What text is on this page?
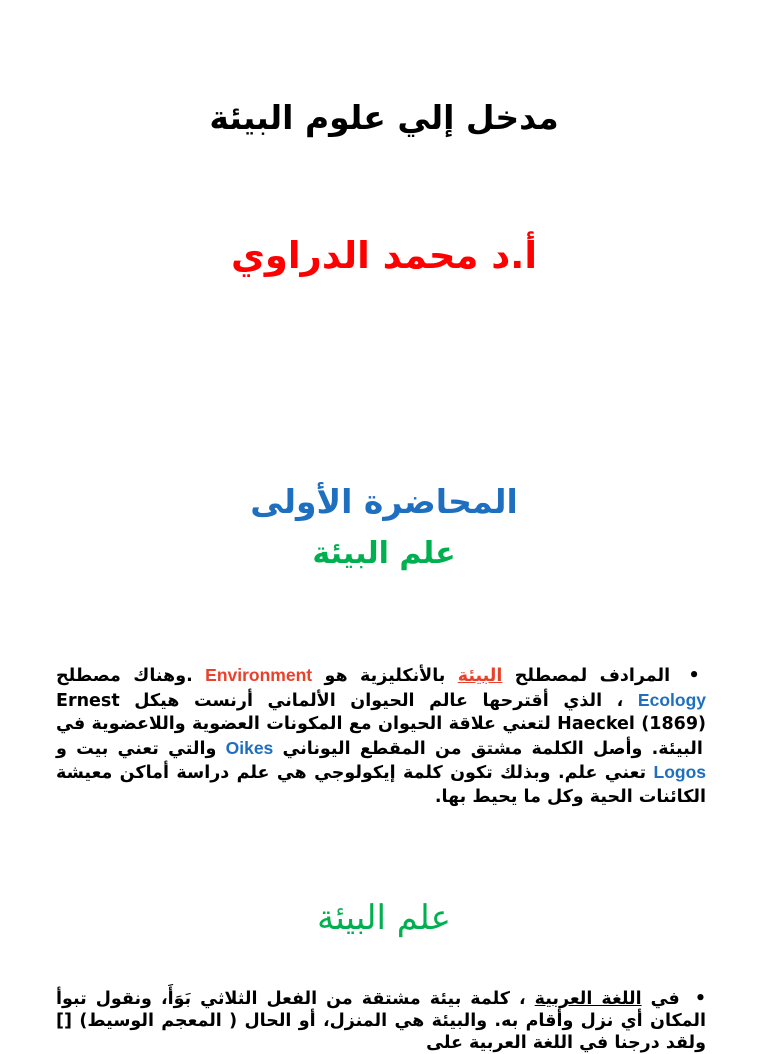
مدخل إلي علوم البيئة
أ.د محمد الدراوي
المحاضرة الأولى
علم البيئة
• المرادف لمصطلح البيئة بالأنكليزية هو Environment .وهناك مصطلح Ecology ، الذي أقترحها عالم الحيوان الألماني أرنست هيكل Ernest Haeckel (1869) لتعني علاقة الحيوان مع المكونات العضوية واللاعضوية في البيئة. وأصل الكلمة مشتق من المقطع اليوناني Oikes والتي تعني بيت و Logos تعني علم. وبذلك تكون كلمة إيكولوجي هي علم دراسة أماكن معيشة الكائنات الحية وكل ما يحيط بها.
علم البيئة
• في اللغة العربية ، كلمة بيئة مشتقة من الفعل الثلاثي بَوَأَ، ونقول تبوأ المكان أي نزل وأقام به. والبيئة هي المنزل، أو الحال ( المعجم الوسيط) [] ولقد درجنا في اللغة العربية على
